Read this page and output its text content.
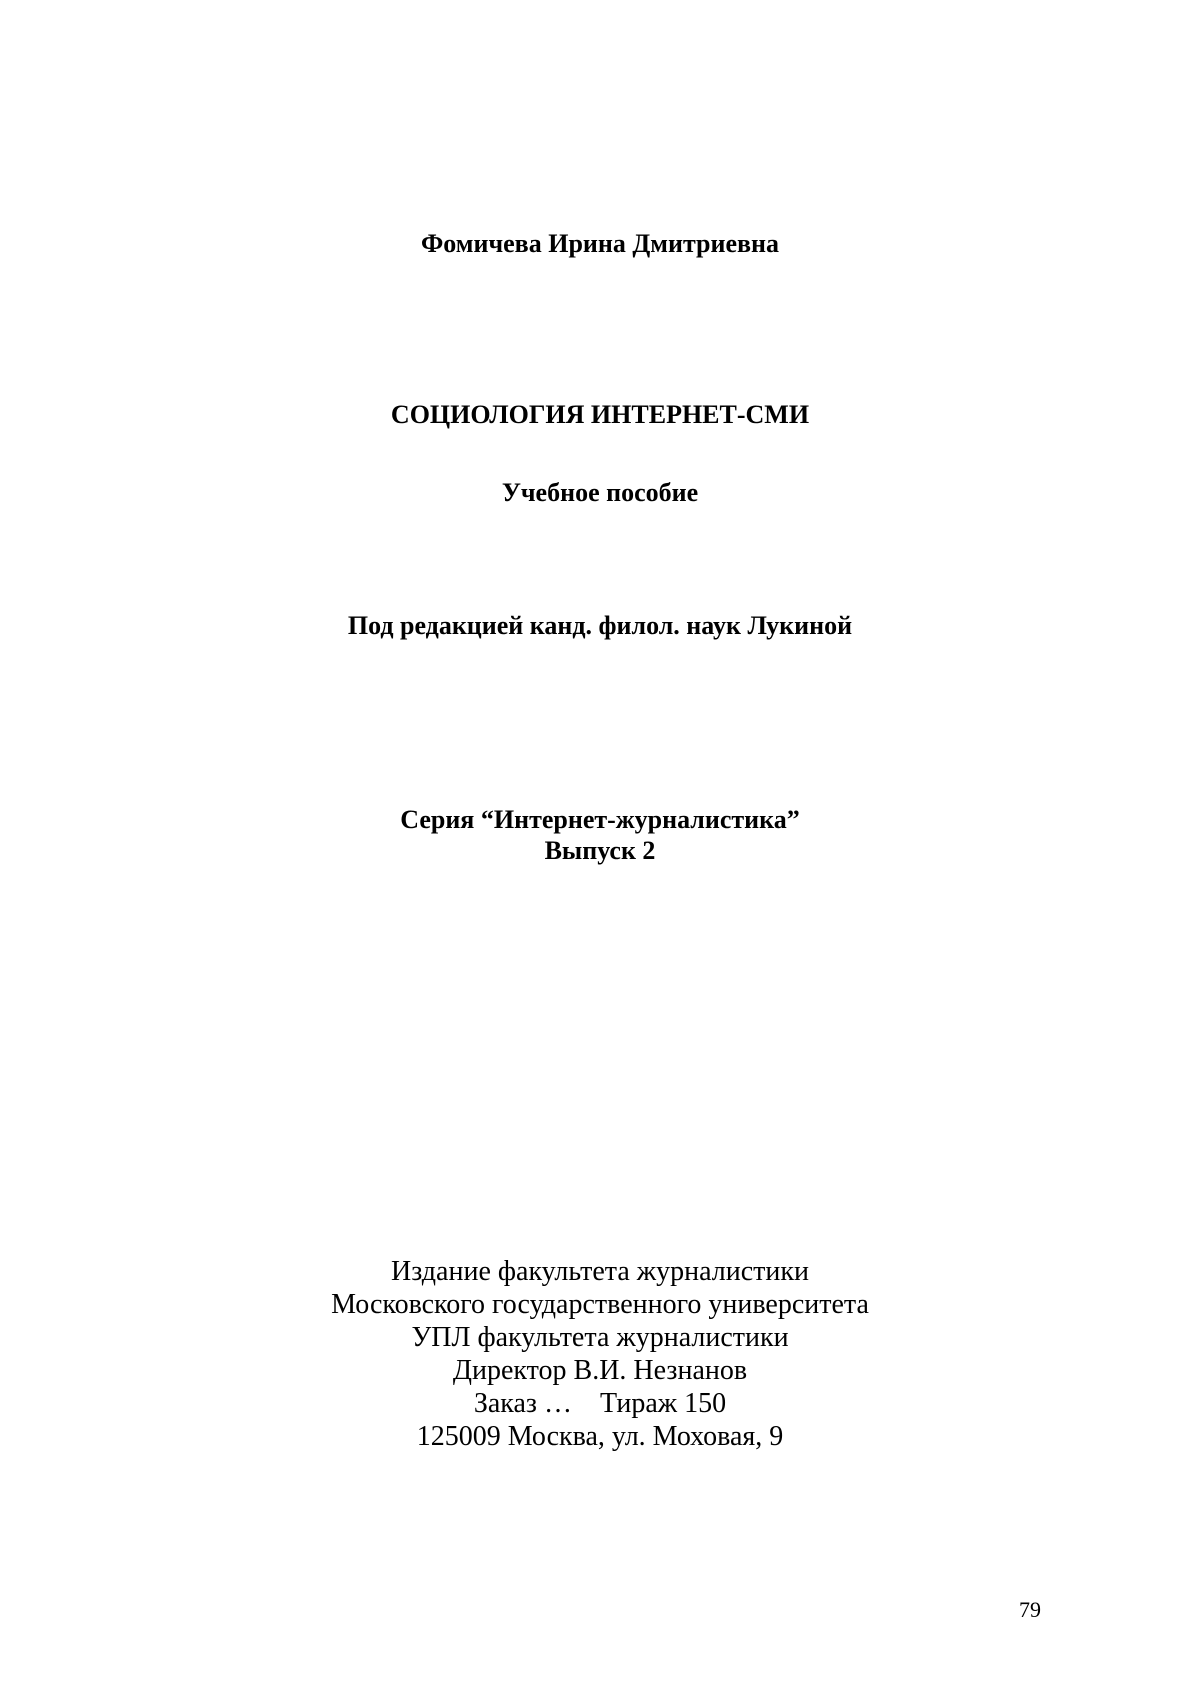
Фомичева Ирина Дмитриевна
СОЦИОЛОГИЯ ИНТЕРНЕТ-СМИ
Учебное пособие
Под редакцией канд. филол. наук Лукиной
Серия “Интернет-журналистика”
Выпуск 2
Издание факультета журналистики
Московского государственного университета
УПЛ факультета журналистики
Директор В.И. Незнанов
Заказ … Тираж 150
125009 Москва, ул. Моховая, 9
79
